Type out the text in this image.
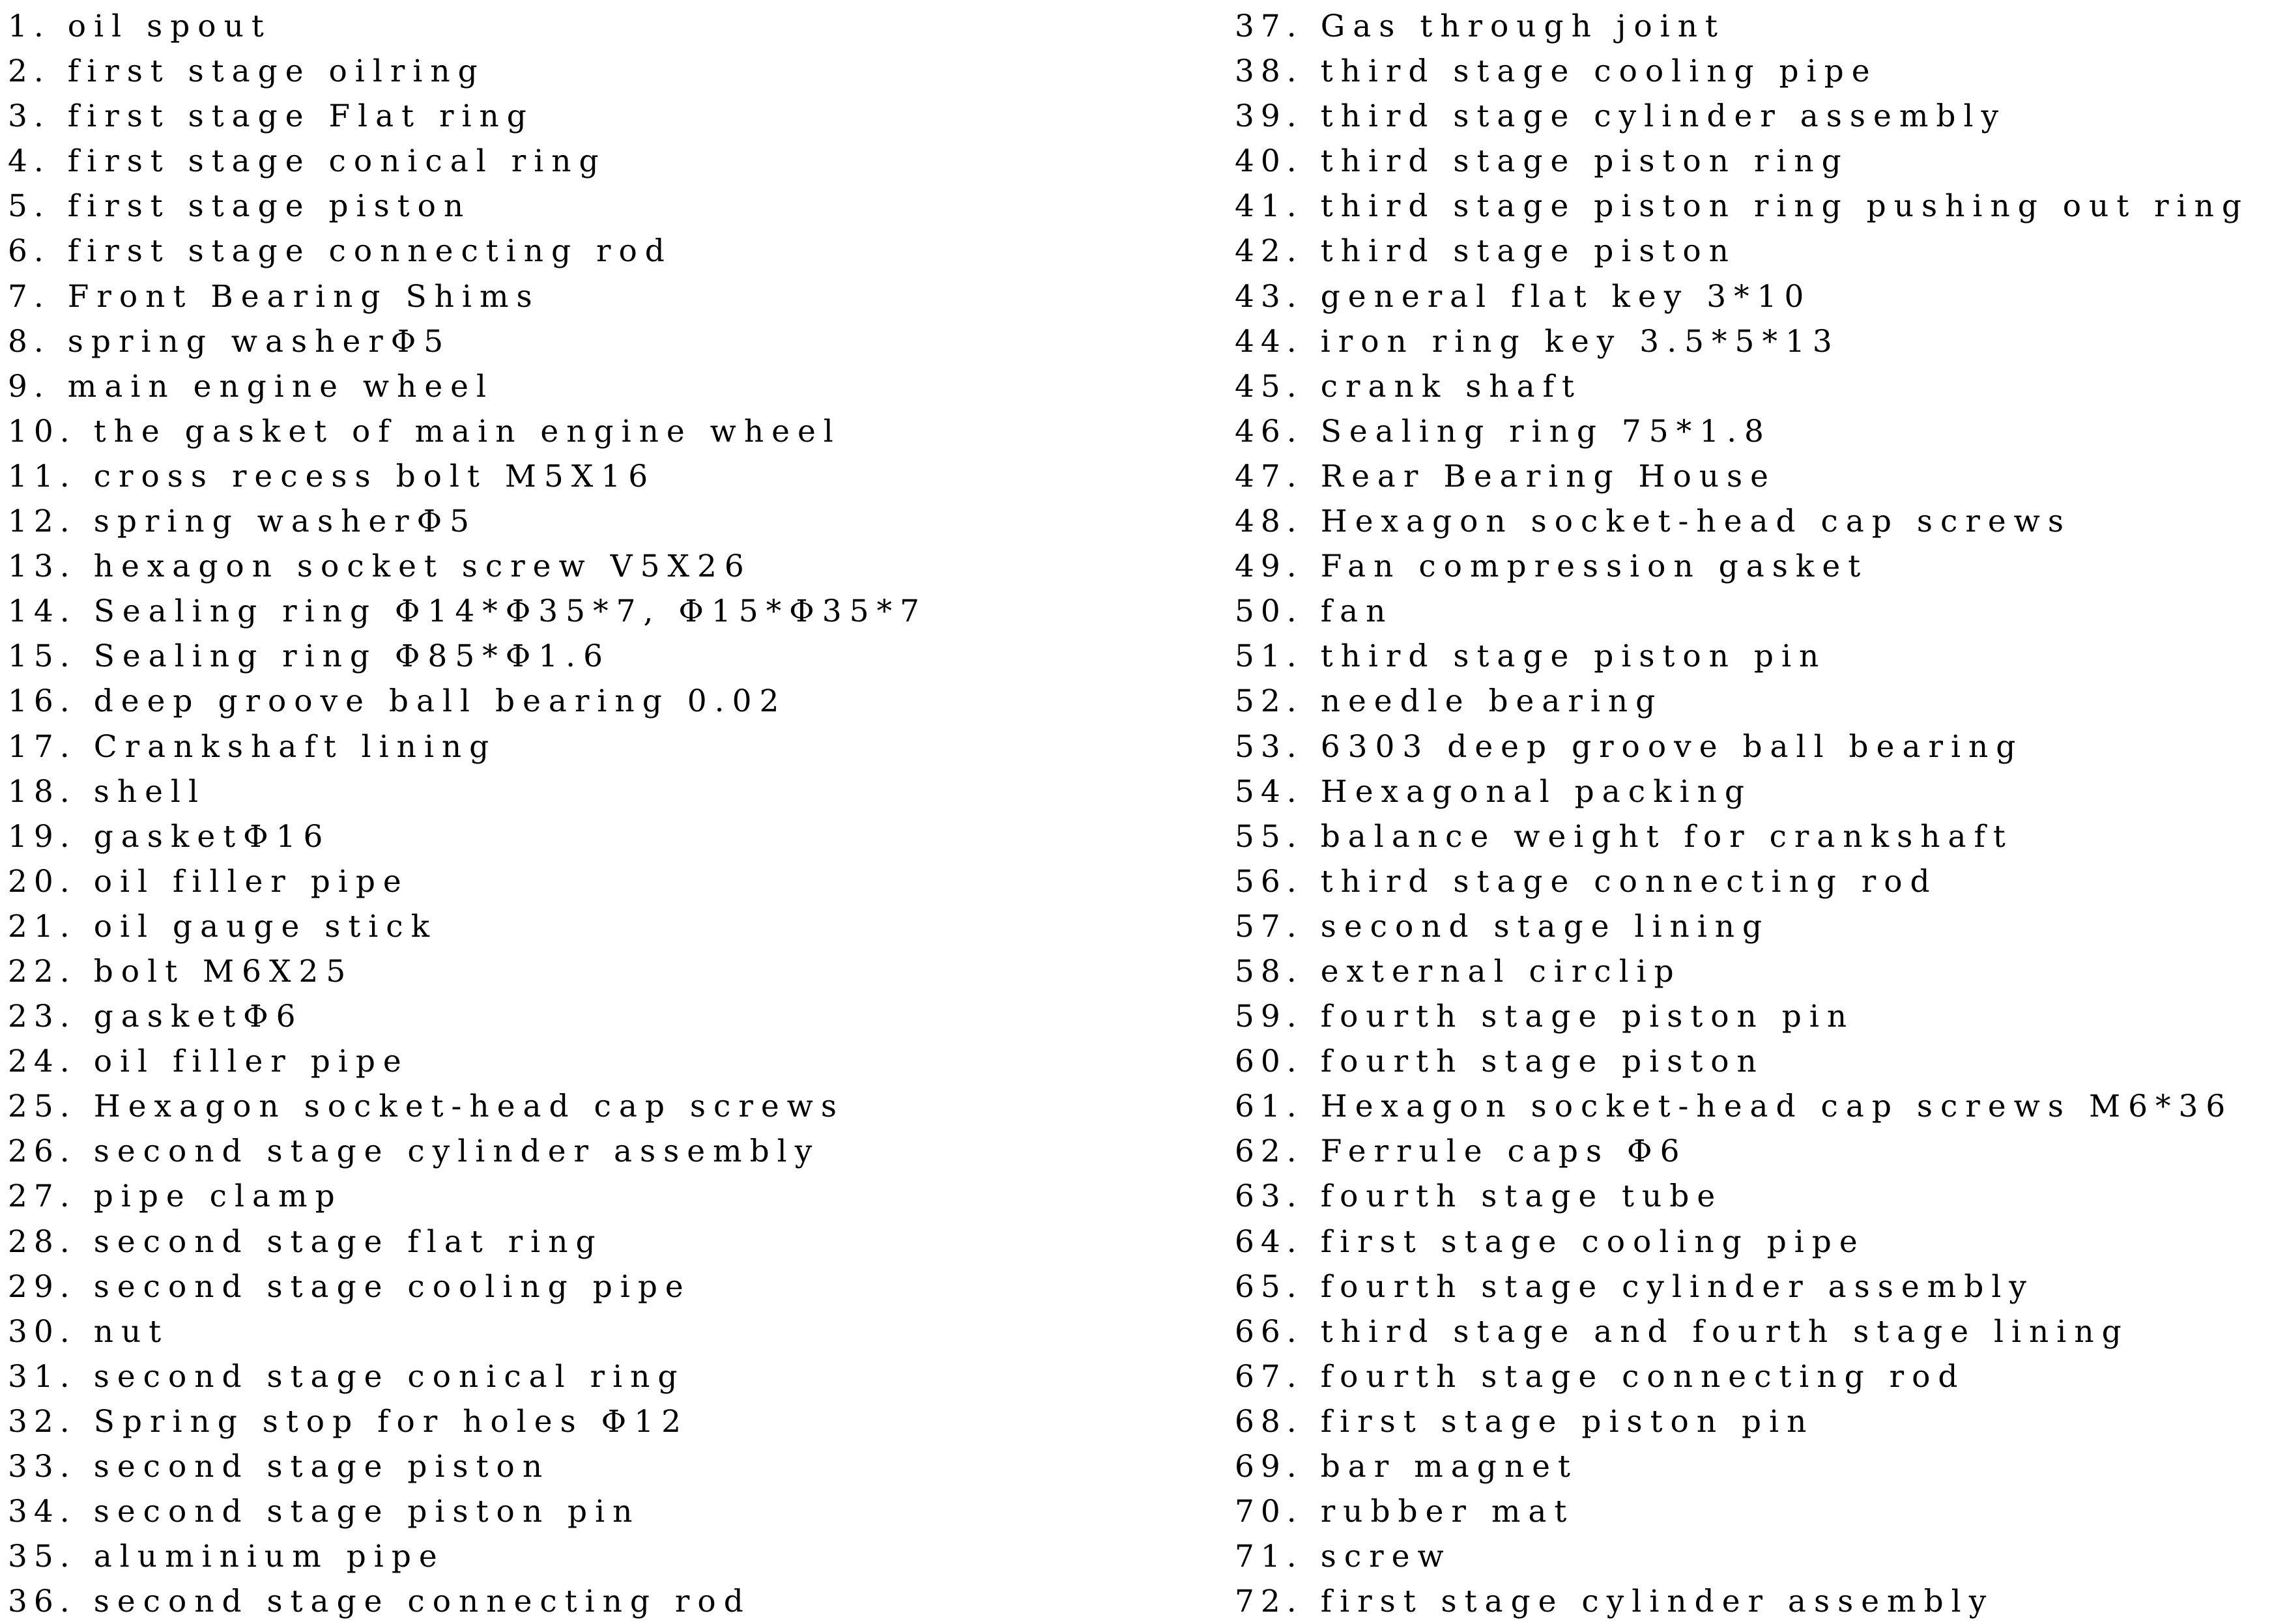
1. oil spout
2. first stage oilring
3. first stage Flat ring
4. first stage conical ring
5. first stage piston
6. first stage connecting rod
7. Front Bearing Shims
8. spring washerΦ5
9. main engine wheel
10. the gasket of main engine wheel
11. cross recess bolt M5X16
12. spring washerΦ5
13. hexagon socket screw V5X26
14. Sealing ring Φ14*Φ35*7, Φ15*Φ35*7
15. Sealing ring Φ85*Φ1.6
16. deep groove ball bearing 0.02
17. Crankshaft lining
18. shell
19. gasketΦ16
20. oil filler pipe
21. oil gauge stick
22. bolt M6X25
23. gasketΦ6
24. oil filler pipe
25. Hexagon socket-head cap screws
26. second stage cylinder assembly
27. pipe clamp
28. second stage flat ring
29. second stage cooling pipe
30. nut
31. second stage conical ring
32. Spring stop for holes Φ12
33. second stage piston
34. second stage piston pin
35. aluminium pipe
36. second stage connecting rod
37. Gas through joint
38. third stage cooling pipe
39. third stage cylinder assembly
40. third stage piston ring
41. third stage piston ring pushing out ring
42. third stage piston
43. general flat key 3*10
44. iron ring key 3.5*5*13
45. crank shaft
46. Sealing ring 75*1.8
47. Rear Bearing House
48. Hexagon socket-head cap screws
49. Fan compression gasket
50. fan
51. third stage piston pin
52. needle bearing
53. 6303 deep groove ball bearing
54. Hexagonal packing
55. balance weight for crankshaft
56. third stage connecting rod
57. second stage lining
58. external circlip
59. fourth stage piston pin
60. fourth stage piston
61. Hexagon socket-head cap screws M6*36
62. Ferrule caps Φ6
63. fourth stage tube
64. first stage cooling pipe
65. fourth stage cylinder assembly
66. third stage and fourth stage lining
67. fourth stage connecting rod
68. first stage piston pin
69. bar magnet
70. rubber mat
71. screw
72. first stage cylinder assembly
